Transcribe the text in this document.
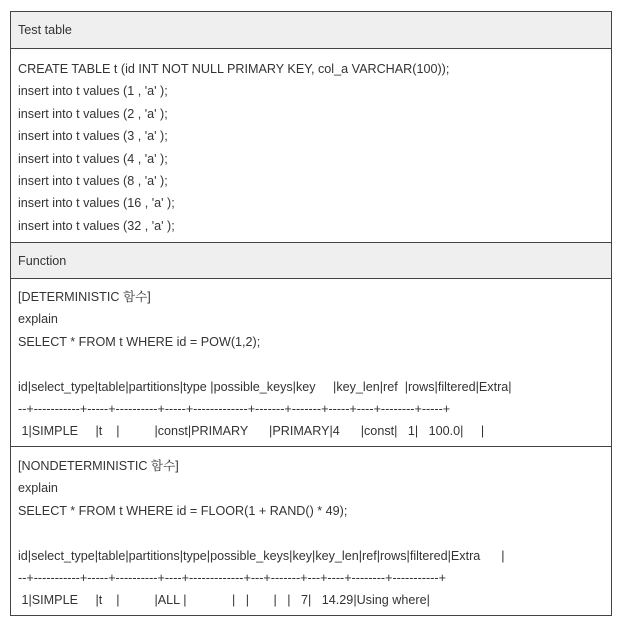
Test table
CREATE TABLE t (id INT NOT NULL PRIMARY KEY, col_a VARCHAR(100));
insert into t values (1 , 'a' );
insert into t values (2 , 'a' );
insert into t values (3 , 'a' );
insert into t values (4 , 'a' );
insert into t values (8 , 'a' );
insert into t values (16 , 'a' );
insert into t values (32 , 'a' );
Function
[DETERMINISTIC 함수]
explain
SELECT * FROM t WHERE id = POW(1,2);
id|select_type|table|partitions|type |possible_keys|key     |key_len|ref  |rows|filtered|Extra|
--+-----------+-----+----------+-----+-------------+-------+-------+-----+----+--------+-----+
1|SIMPLE     |t    |          |const|PRIMARY      |PRIMARY|4      |const|   1|   100.0|     |
[NONDETERMINISTIC 함수]
explain
SELECT * FROM t WHERE id = FLOOR(1 + RAND() * 49);
id|select_type|table|partitions|type|possible_keys|key|key_len|ref|rows|filtered|Extra      |
--+-----------+-----+----------+----+-------------+---+-------+---+----+--------+-----------+
1|SIMPLE     |t    |          |ALL |             |   |       |   |   7|   14.29|Using where|
